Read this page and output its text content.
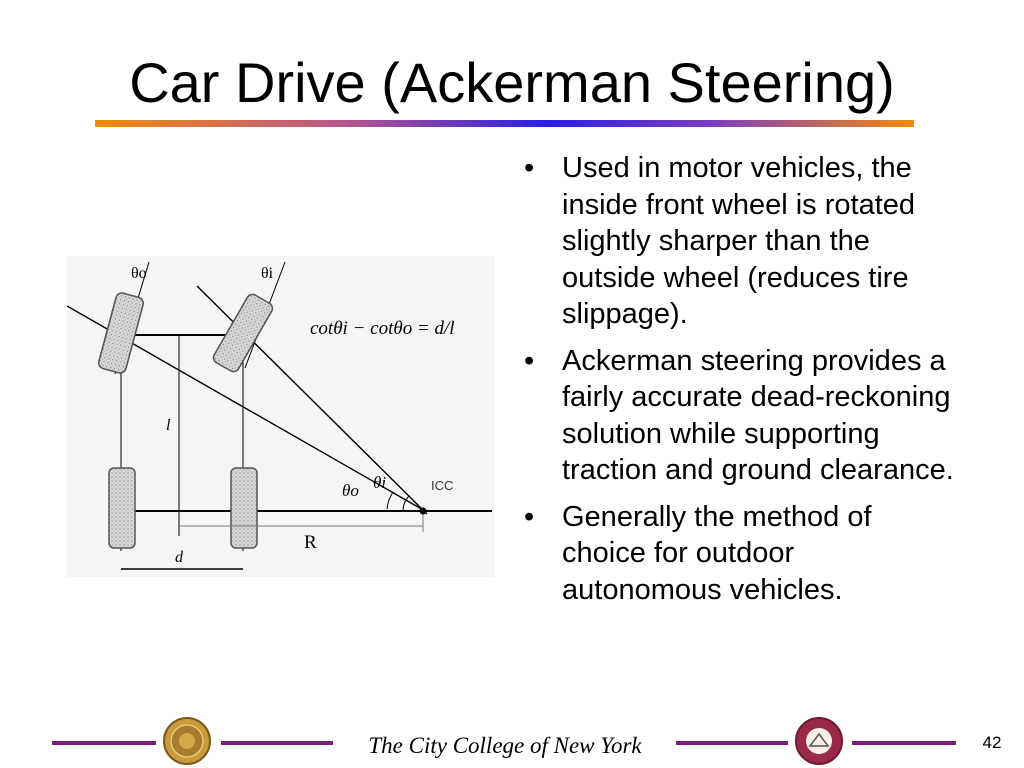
Car Drive (Ackerman Steering)
θo	θi
cotθi − cotθo = d/l
l
θo θi	ICC
R
d
• Used in motor vehicles, the inside front wheel is rotated slightly sharper than the outside wheel (reduces tire slippage).
• Ackerman steering provides a fairly accurate dead-reckoning solution while supporting traction and ground clearance.
• Generally the method of choice for outdoor autonomous vehicles.
The City College of New York	42
